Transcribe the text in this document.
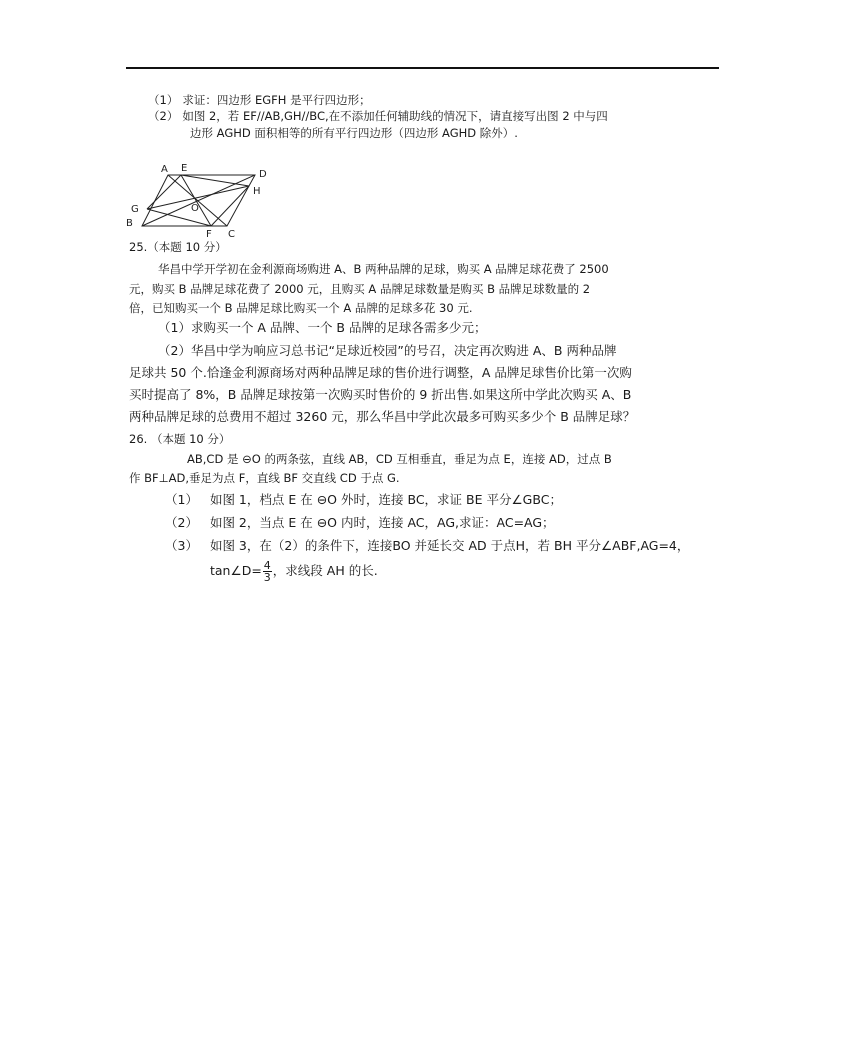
（1） 求证：四边形 EGFH 是平行四边形；
（2） 如图 2，若 EF//AB,GH//BC,在不添加任何辅助线的情况下，请直接写出图 2 中与四
边形 AGHD 面积相等的所有平行四边形（四边形 AGHD 除外）.
A E
D
H
G	O
B
F C
25.（本题 10 分）
华昌中学开学初在金利源商场购进 A、B 两种品牌的足球，购买 A 品牌足球花费了 2500
元，购买 B 品牌足球花费了 2000 元，且购买 A 品牌足球数量是购买 B 品牌足球数量的 2
倍，已知购买一个 B 品牌足球比购买一个 A 品牌的足球多花 30 元.
（1）求购买一个 A 品牌、一个 B 品牌的足球各需多少元；
（2）华昌中学为响应习总书记“足球近校园”的号召，决定再次购进 A、B 两种品牌
足球共 50 个.恰逢金利源商场对两种品牌足球的售价进行调整，A 品牌足球售价比第一次购
买时提高了 8%，B 品牌足球按第一次购买时售价的 9 折出售.如果这所中学此次购买 A、B
两种品牌足球的总费用不超过 3260 元，那么华昌中学此次最多可购买多少个 B 品牌足球？
26. （本题 10 分）
AB,CD 是 ⊖O 的两条弦，直线 AB，CD 互相垂直，垂足为点 E，连接 AD，过点 B
作 BF⊥AD,垂足为点 F，直线 BF 交直线 CD 于点 G.
（1） 如图 1，档点 E 在 ⊖O 外时，连接 BC，求证 BE 平分∠GBC；
（2） 如图 2，当点 E 在 ⊖O 内时，连接 AC，AG,求证：AC=AG；
（3） 如图 3，在（2）的条件下，连接BO 并延长交 AD 于点H，若 BH 平分∠ABF,AG=4，
tan∠D= $\frac{4}{3}$ ，求线段 AH 的长.
